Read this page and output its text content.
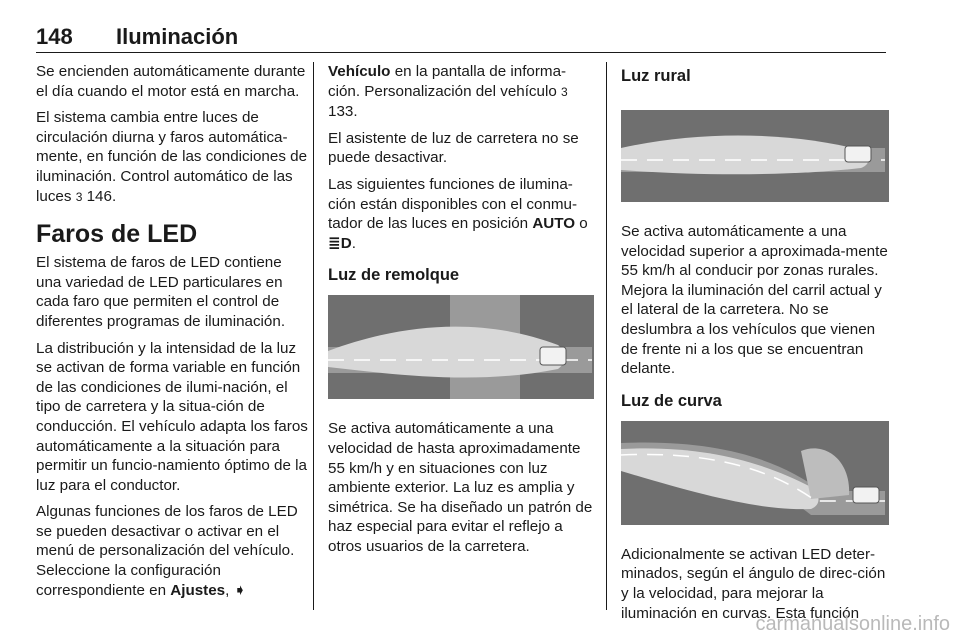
148 Iluminación

Se encienden automáticamente durante el día cuando el motor está en marcha.

El sistema cambia entre luces de circulación diurna y faros automática-mente, en función de las condiciones de iluminación. Control automático de las luces 3 146.

Faros de LED

El sistema de faros de LED contiene una variedad de LED particulares en cada faro que permiten el control de diferentes programas de iluminación.

La distribución y la intensidad de la luz se activan de forma variable en función de las condiciones de ilumi-nación, el tipo de carretera y la situa-ción de conducción. El vehículo adapta los faros automáticamente a la situación para permitir un funcio-namiento óptimo de la luz para el conductor.

Algunas funciones de los faros de LED se pueden desactivar o activar en el menú de personalización del vehículo. Seleccione la configuración correspondiente en Ajustes, ➧

Vehículo en la pantalla de informa-ción. Personalización del vehículo 3 133.

El asistente de luz de carretera no se puede desactivar.

Las siguientes funciones de ilumina-ción están disponibles con el conmu-tador de las luces en posición AUTO o ≣D.

Luz de remolque

Se activa automáticamente a una velocidad de hasta aproximadamente 55 km/h y en situaciones con luz ambiente exterior. La luz es amplia y simétrica. Se ha diseñado un patrón de haz especial para evitar el reflejo a otros usuarios de la carretera.

Luz rural

Se activa automáticamente a una velocidad superior a aproximada-mente 55 km/h al conducir por zonas rurales. Mejora la iluminación del carril actual y el lateral de la carretera. No se deslumbra a los vehículos que vienen de frente ni a los que se encuentran delante.

Luz de curva

Adicionalmente se activan LED deter-minados, según el ángulo de direc-ción y la velocidad, para mejorar la iluminación en curvas. Esta función

carmanualsonline.info
